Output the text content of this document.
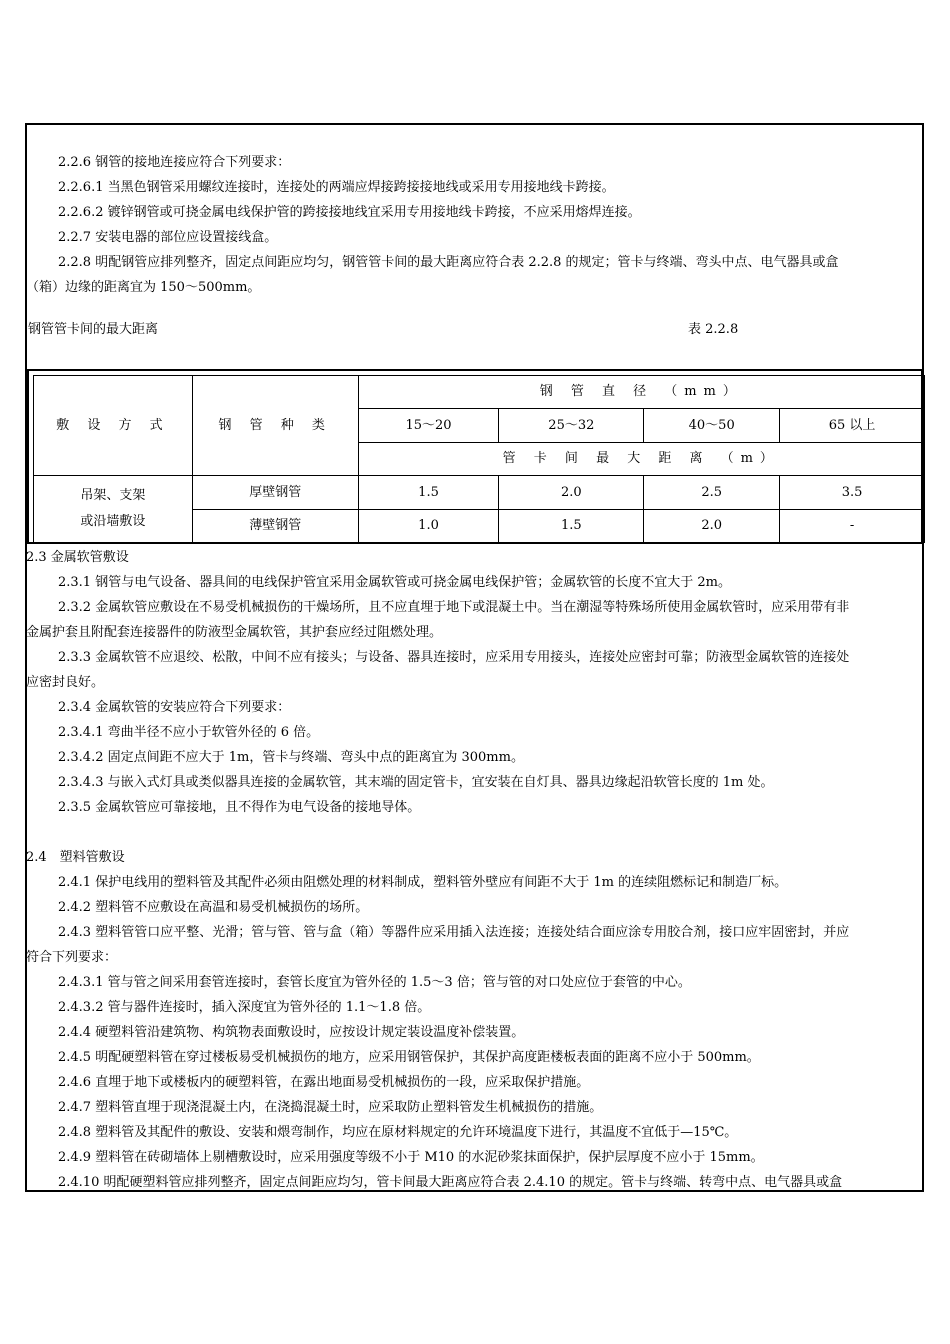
2.2.6 钢管的接地连接应符合下列要求：

2.2.6.1 当黑色钢管采用螺纹连接时，连接处的两端应焊接跨接接地线或采用专用接地线卡跨接。

2.2.6.2 镀锌钢管或可挠金属电线保护管的跨接接地线宜采用专用接地线卡跨接，不应采用熔焊连接。

2.2.7 安装电器的部位应设置接线盒。

2.2.8 明配钢管应排列整齐，固定点间距应均匀，钢管管卡间的最大距离应符合表 2.2.8 的规定；管卡与终端、弯头中点、电气器具或盒

（箱）边缘的距离宜为 150～500mm。

钢管管卡间的最大距离	表 2.2.8
敷 设 方 式	钢 管 种 类	钢 管 直 径 （mm）			
		15～20	25～32	40～50	65 以上
		管 卡 间 最 大 距 离 （m）			

吊架、支架
或沿墙敷设	厚壁钢管	1.5	2.0	2.5	3.5
	薄壁钢管	1.0	1.5	2.0	-

2.3 金属软管敷设

2.3.1 钢管与电气设备、器具间的电线保护管宜采用金属软管或可挠金属电线保护管；金属软管的长度不宜大于 2m。

2.3.2 金属软管应敷设在不易受机械损伤的干燥场所，且不应直埋于地下或混凝土中。当在潮湿等特殊场所使用金属软管时，应采用带有非

金属护套且附配套连接器件的防液型金属软管，其护套应经过阻燃处理。

2.3.3 金属软管不应退绞、松散，中间不应有接头；与设备、器具连接时，应采用专用接头，连接处应密封可靠；防液型金属软管的连接处

应密封良好。

2.3.4 金属软管的安装应符合下列要求：

2.3.4.1 弯曲半径不应小于软管外径的 6 倍。

2.3.4.2 固定点间距不应大于 1m，管卡与终端、弯头中点的距离宜为 300mm。

2.3.4.3 与嵌入式灯具或类似器具连接的金属软管，其末端的固定管卡，宜安装在自灯具、器具边缘起沿软管长度的 1m 处。

2.3.5 金属软管应可靠接地，且不得作为电气设备的接地导体。

2.4　塑料管敷设

2.4.1 保护电线用的塑料管及其配件必须由阻燃处理的材料制成，塑料管外壁应有间距不大于 1m 的连续阻燃标记和制造厂标。

2.4.2 塑料管不应敷设在高温和易受机械损伤的场所。

2.4.3 塑料管管口应平整、光滑；管与管、管与盒（箱）等器件应采用插入法连接；连接处结合面应涂专用胶合剂，接口应牢固密封，并应

符合下列要求：

2.4.3.1 管与管之间采用套管连接时，套管长度宜为管外径的 1.5～3 倍；管与管的对口处应位于套管的中心。

2.4.3.2 管与器件连接时，插入深度宜为管外径的 1.1～1.8 倍。

2.4.4 硬塑料管沿建筑物、构筑物表面敷设时，应按设计规定装设温度补偿装置。

2.4.5 明配硬塑料管在穿过楼板易受机械损伤的地方，应采用钢管保护，其保护高度距楼板表面的距离不应小于 500mm。

2.4.6 直埋于地下或楼板内的硬塑料管，在露出地面易受机械损伤的一段，应采取保护措施。

2.4.7 塑料管直埋于现浇混凝土内，在浇捣混凝土时，应采取防止塑料管发生机械损伤的措施。

2.4.8 塑料管及其配件的敷设、安装和煨弯制作，均应在原材料规定的允许环境温度下进行，其温度不宜低于—15℃。

2.4.9 塑料管在砖砌墙体上剔槽敷设时，应采用强度等级不小于 M10 的水泥砂浆抹面保护，保护层厚度不应小于 15mm。

2.4.10 明配硬塑料管应排列整齐，固定点间距应均匀，管卡间最大距离应符合表 2.4.10 的规定。管卡与终端、转弯中点、电气器具或盒
